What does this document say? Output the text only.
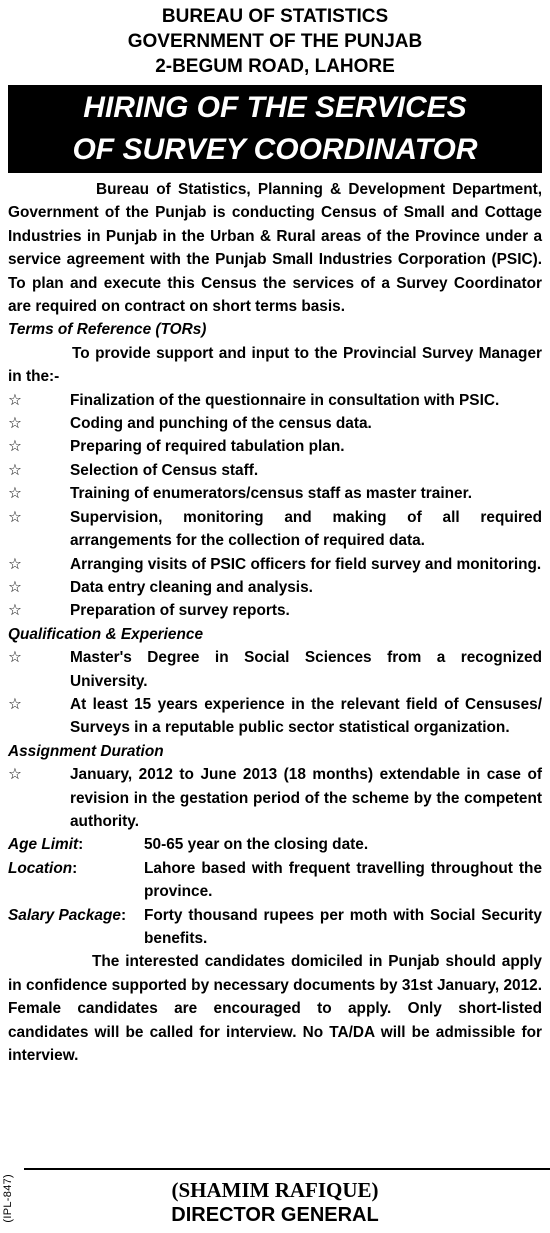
BUREAU OF STATISTICS
GOVERNMENT OF THE PUNJAB
2-BEGUM ROAD, LAHORE
HIRING OF THE SERVICES
OF SURVEY COORDINATOR

Bureau of Statistics, Planning & Development Department, Government of the Punjab is conducting Census of Small and Cottage Industries in Punjab in the Urban & Rural areas of the Province under a service agreement with the Punjab Small Industries Corporation (PSIC). To plan and execute this Census the services of a Survey Coordinator are required on contract on short terms basis.

Terms of Reference (TORs)

To provide support and input to the Provincial Survey Manager in the:-

☆	Finalization of the questionnaire in consultation with PSIC.
☆	Coding and punching of the census data.
☆	Preparing of required tabulation plan.
☆	Selection of Census staff.
☆	Training of enumerators/census staff as master trainer.
☆	Supervision, monitoring and making of all required arrangements for the collection of required data.
☆	Arranging visits of PSIC officers for field survey and monitoring.
☆	Data entry cleaning and analysis.
☆	Preparation of survey reports.

Qualification & Experience

☆	Master's Degree in Social Sciences from a recognized University.
☆	At least 15 years experience in the relevant field of Censuses/ Surveys in a reputable public sector statistical organization.

Assignment Duration

☆	January, 2012 to June 2013 (18 months) extendable in case of revision in the gestation period of the scheme by the competent authority.
Age Limit:	50-65 year on the closing date.
Location:	Lahore based with frequent travelling throughout the province.
Salary Package:	Forty thousand rupees per moth with Social Security benefits.

The interested candidates domiciled in Punjab should apply in confidence supported by necessary documents by 31st January, 2012. Female candidates are encouraged to apply. Only short-listed candidates will be called for interview. No TA/DA will be admissible for interview.

(IPL-847)	(SHAMIM RAFIQUE)
DIRECTOR GENERAL
